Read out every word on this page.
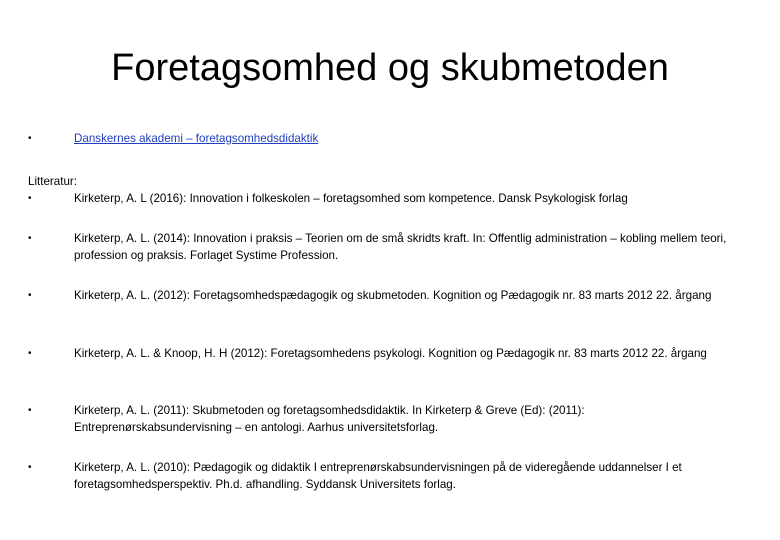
Foretagsomhed og skubmetoden
•	Danskernes akademi – foretagsomhedsdidaktik
Litteratur:
•	Kirketerp, A. L (2016): Innovation i folkeskolen – foretagsomhed som kompetence. Dansk Psykologisk forlag
•	Kirketerp, A. L. (2014): Innovation i praksis – Teorien om de små skridts kraft. In: Offentlig administration – kobling mellem teori, profession og praksis. Forlaget Systime Profession.
•	Kirketerp, A. L. (2012): Foretagsomhedspædagogik og skubmetoden. Kognition og Pædagogik nr. 83 marts 2012 22. årgang
•	Kirketerp, A. L. & Knoop, H. H (2012): Foretagsomhedens psykologi. Kognition og Pædagogik nr. 83 marts 2012 22. årgang
•	Kirketerp, A. L. (2011): Skubmetoden og foretagsomhedsdidaktik. In Kirketerp & Greve (Ed): (2011): Entreprenørskabsundervisning – en antologi. Aarhus universitetsforlag.
•	Kirketerp, A. L. (2010): Pædagogik og didaktik I entreprenørskabsundervisningen på de videregående uddannelser I et foretagsomhedsperspektiv. Ph.d. afhandling. Syddansk Universitets forlag.
